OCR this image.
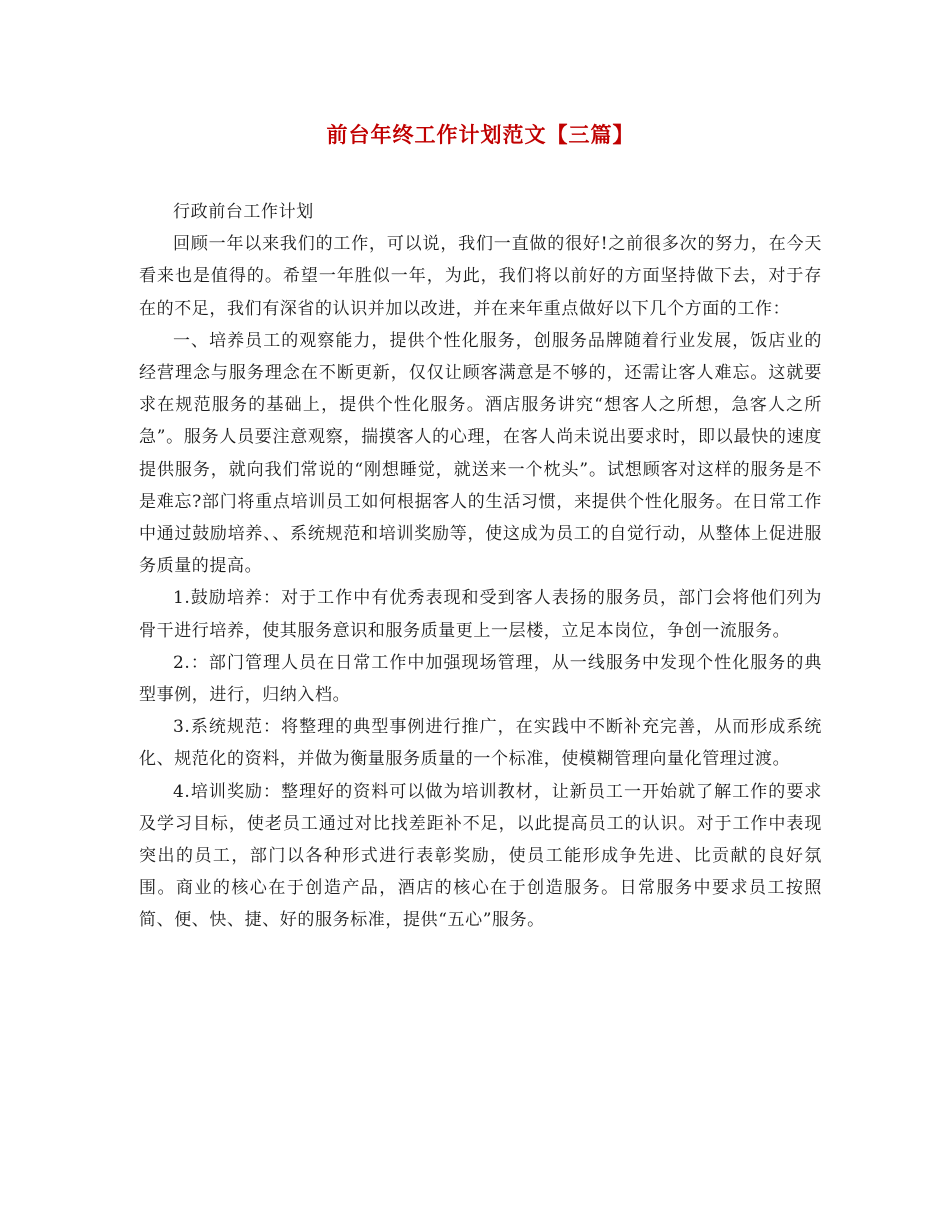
前台年终工作计划范文【三篇】

行政前台工作计划

回顾一年以来我们的工作，可以说，我们一直做的很好!之前很多次的努力，在今天看来也是值得的。希望一年胜似一年，为此，我们将以前好的方面坚持做下去，对于存在的不足，我们有深省的认识并加以改进，并在来年重点做好以下几个方面的工作：

一、培养员工的观察能力，提供个性化服务，创服务品牌随着行业发展，饭店业的经营理念与服务理念在不断更新，仅仅让顾客满意是不够的，还需让客人难忘。这就要求在规范服务的基础上，提供个性化服务。酒店服务讲究“想客人之所想，急客人之所急”。服务人员要注意观察，揣摸客人的心理，在客人尚未说出要求时，即以最快的速度提供服务，就向我们常说的“刚想睡觉，就送来一个枕头”。试想顾客对这样的服务是不是难忘?部门将重点培训员工如何根据客人的生活习惯，来提供个性化服务。在日常工作中通过鼓励培养、、系统规范和培训奖励等，使这成为员工的自觉行动，从整体上促进服务质量的提高。

1.鼓励培养：对于工作中有优秀表现和受到客人表扬的服务员，部门会将他们列为骨干进行培养，使其服务意识和服务质量更上一层楼，立足本岗位，争创一流服务。

2.：部门管理人员在日常工作中加强现场管理，从一线服务中发现个性化服务的典型事例，进行，归纳入档。

3.系统规范：将整理的典型事例进行推广，在实践中不断补充完善，从而形成系统化、规范化的资料，并做为衡量服务质量的一个标准，使模糊管理向量化管理过渡。

4.培训奖励：整理好的资料可以做为培训教材，让新员工一开始就了解工作的要求及学习目标，使老员工通过对比找差距补不足，以此提高员工的认识。对于工作中表现突出的员工，部门以各种形式进行表彰奖励，使员工能形成争先进、比贡献的良好氛围。商业的核心在于创造产品，酒店的核心在于创造服务。日常服务中要求员工按照简、便、快、捷、好的服务标准，提供“五心”服务。
